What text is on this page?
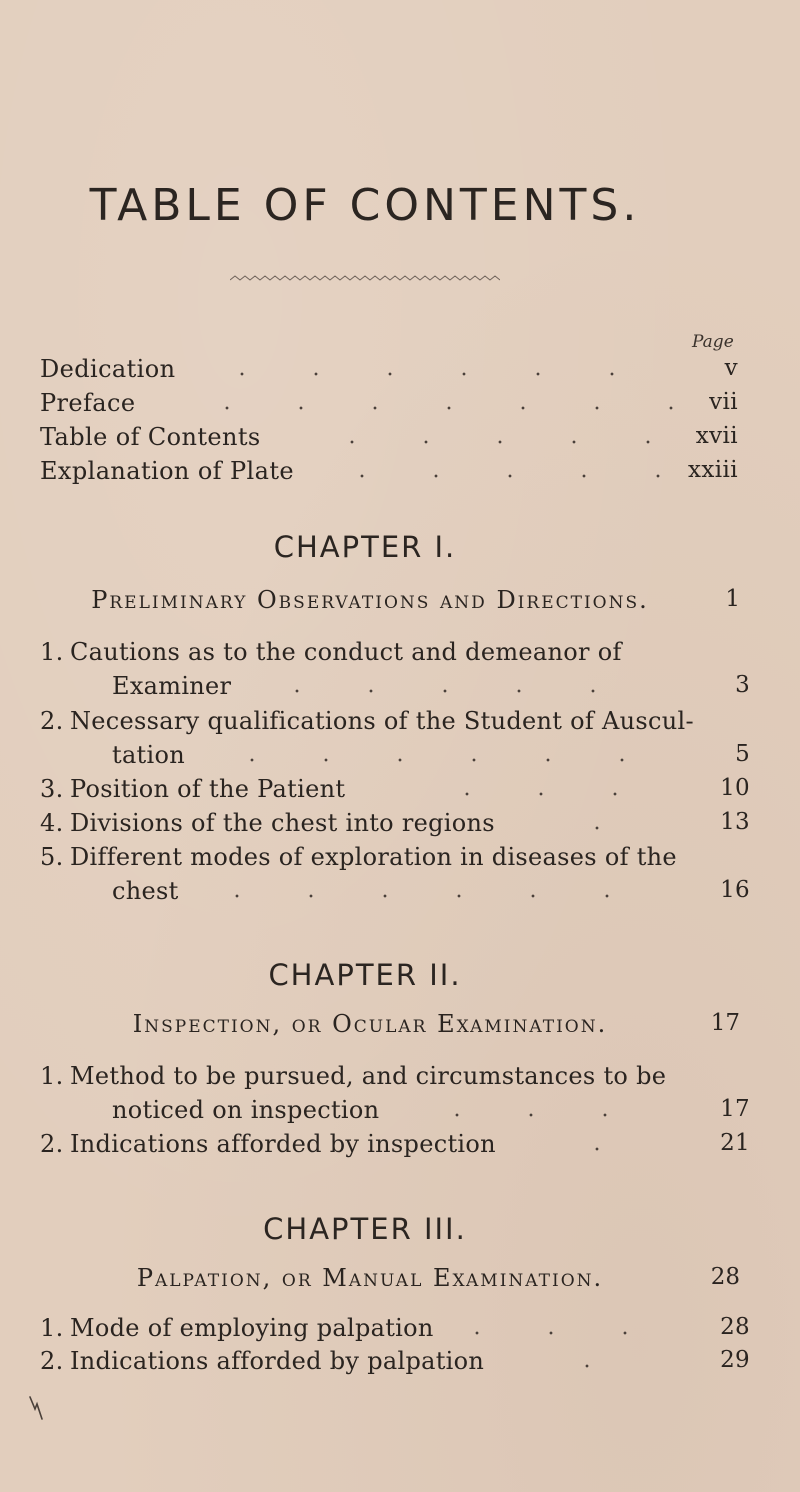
TABLE OF CONTENTS.
Page
Dedication	v
Preface	vii
Table of Contents	xvii
Explanation of Plate	xxiii
CHAPTER I.
Preliminary Observations and Directions.	1
1. Cautions as to the conduct and demeanor of
Examiner	3
2. Necessary qualifications of the Student of Auscul-
tation	5
3. Position of the Patient	10
4. Divisions of the chest into regions	13
5. Different modes of exploration in diseases of the
chest	16
CHAPTER II.
Inspection, or Ocular Examination.	17
1. Method to be pursued, and circumstances to be
noticed on inspection	17
2. Indications afforded by inspection	21
CHAPTER III.
Palpation, or Manual Examination.	28
1. Mode of employing palpation	28
2. Indications afforded by palpation	29
